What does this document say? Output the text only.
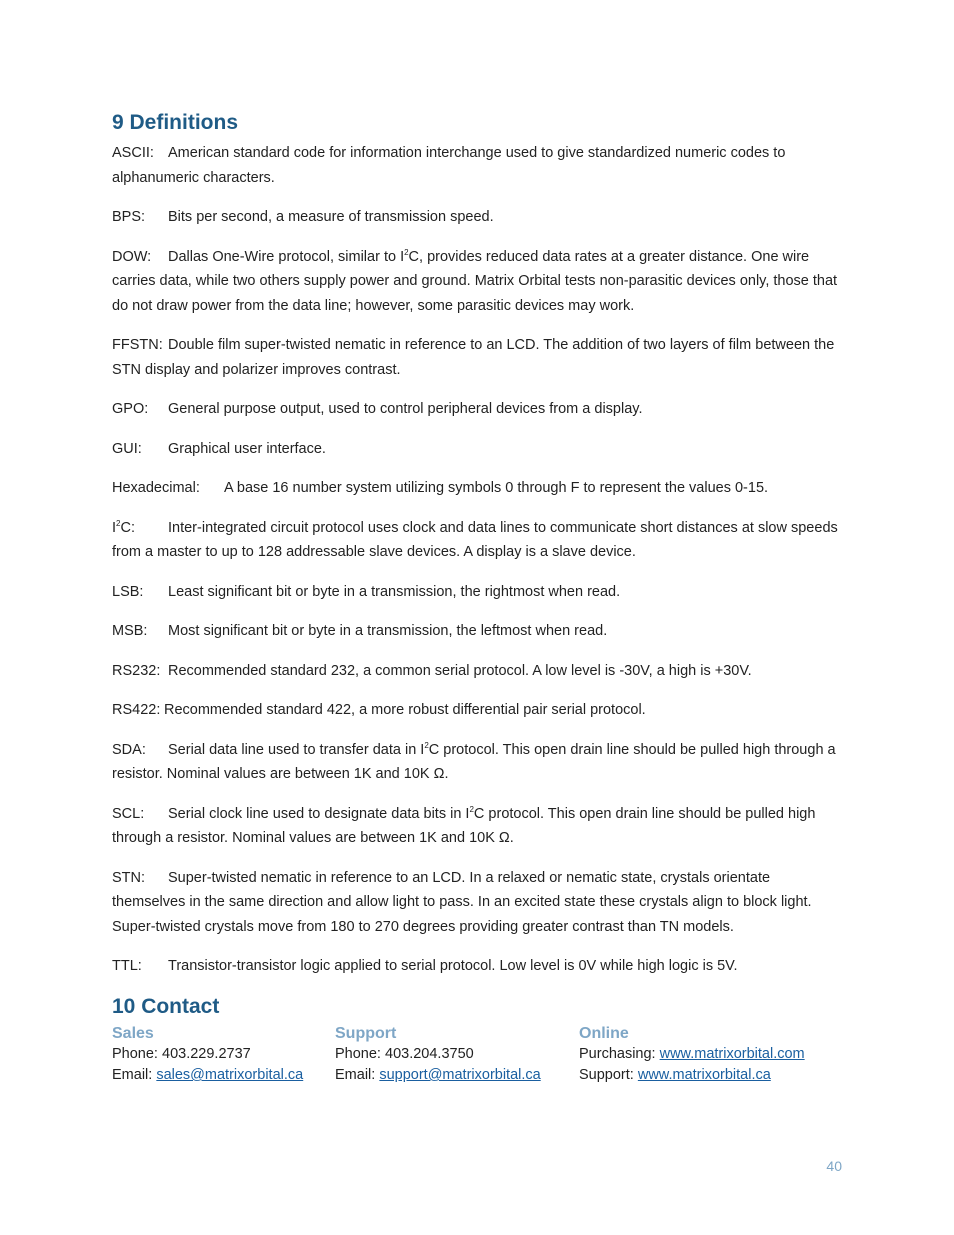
9 Definitions

ASCII: American standard code for information interchange used to give standardized numeric codes to alphanumeric characters.

BPS: Bits per second, a measure of transmission speed.

DOW: Dallas One-Wire protocol, similar to $I^2C$, provides reduced data rates at a greater distance. One wire carries data, while two others supply power and ground. Matrix Orbital tests non-parasitic devices only, those that do not draw power from the data line; however, some parasitic devices may work.

FFSTN: Double film super-twisted nematic in reference to an LCD. The addition of two layers of film between the STN display and polarizer improves contrast.

GPO: General purpose output, used to control peripheral devices from a display.

GUI: Graphical user interface.

Hexadecimal: A base 16 number system utilizing symbols 0 through F to represent the values 0-15.

$I^2C$: Inter-integrated circuit protocol uses clock and data lines to communicate short distances at slow speeds from a master to up to 128 addressable slave devices. A display is a slave device.

LSB: Least significant bit or byte in a transmission, the rightmost when read.

MSB: Most significant bit or byte in a transmission, the leftmost when read.

RS232: Recommended standard 232, a common serial protocol. A low level is -30V, a high is +30V.

RS422: Recommended standard 422, a more robust differential pair serial protocol.

SDA: Serial data line used to transfer data in $I^2C$ protocol. This open drain line should be pulled high through a resistor. Nominal values are between 1K and 10K Ω.

SCL: Serial clock line used to designate data bits in $I^2C$ protocol. This open drain line should be pulled high through a resistor. Nominal values are between 1K and 10K Ω.

STN: Super-twisted nematic in reference to an LCD. In a relaxed or nematic state, crystals orientate themselves in the same direction and allow light to pass. In an excited state these crystals align to block light. Super-twisted crystals move from 180 to 270 degrees providing greater contrast than TN models.

TTL: Transistor-transistor logic applied to serial protocol. Low level is 0V while high logic is 5V.

10 Contact
Sales
Phone: 403.229.2737
Email: sales@matrixorbital.ca
Support
Phone: 403.204.3750
Email: support@matrixorbital.ca
Online
Purchasing: www.matrixorbital.com
Support: www.matrixorbital.ca
40
